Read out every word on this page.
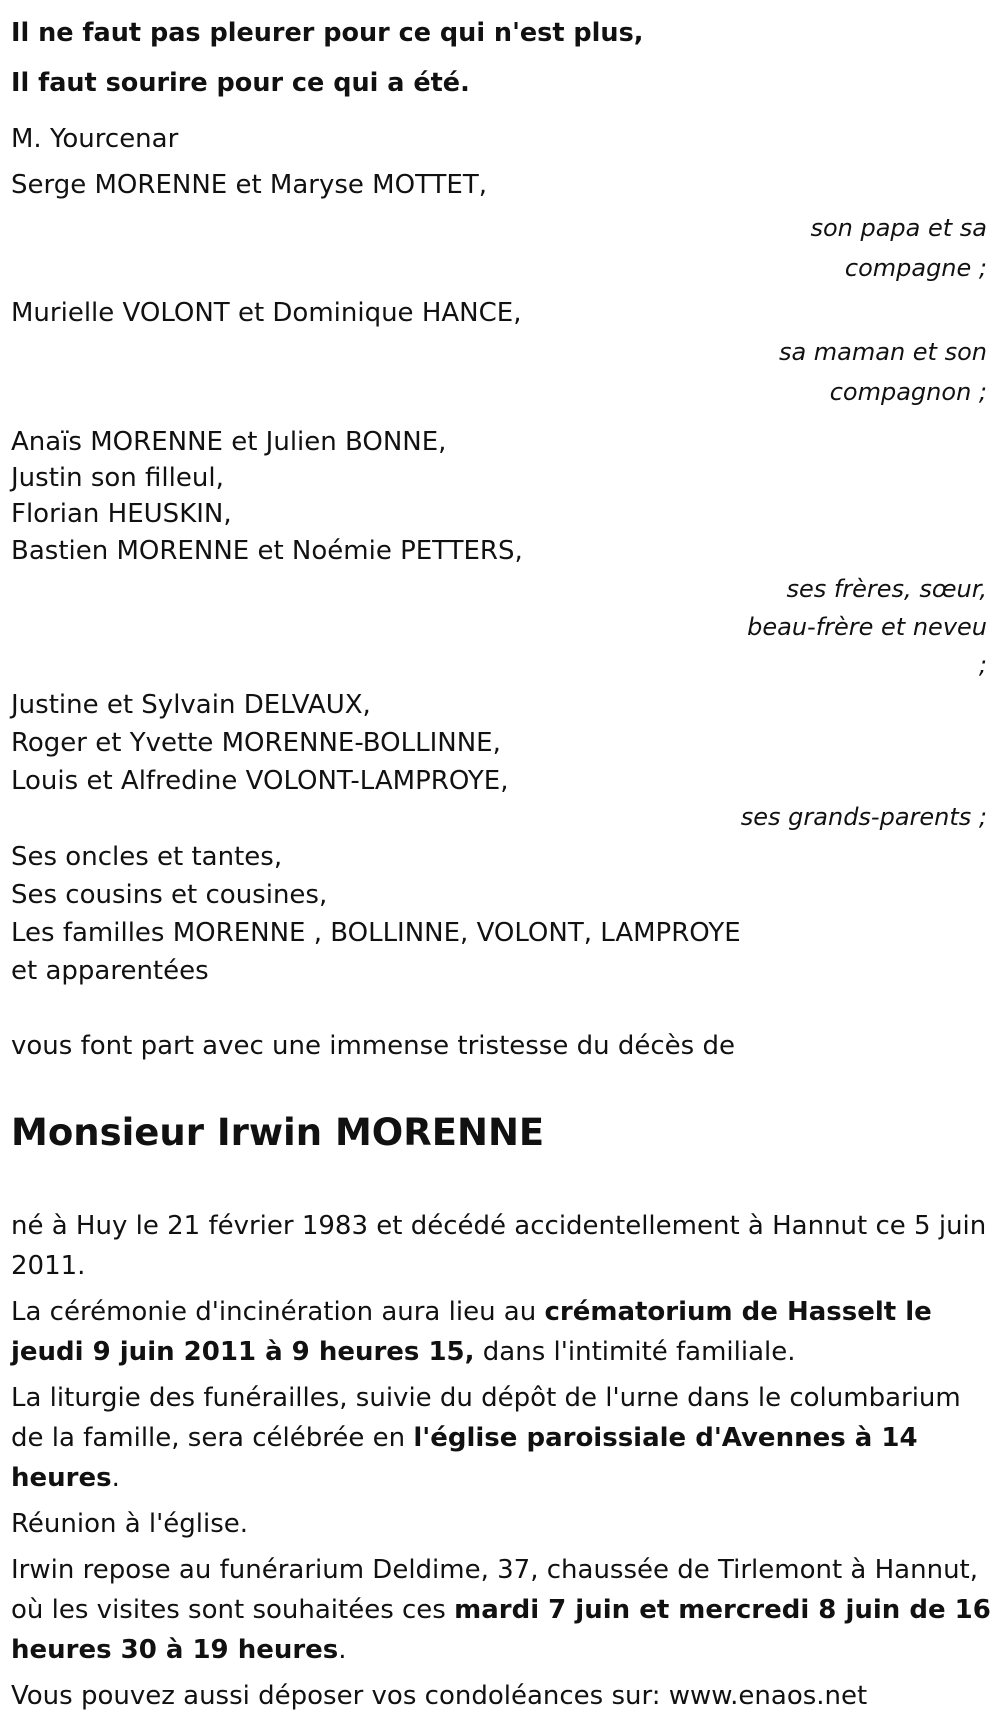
Il ne faut pas pleurer pour ce qui n'est plus,
Il faut sourire pour ce qui a été.
M. Yourcenar
Serge MORENNE et Maryse MOTTET,
son papa et sa
compagne ;
Murielle VOLONT et Dominique HANCE,
sa maman et son
compagnon ;
Anaïs MORENNE et Julien BONNE,
Justin son filleul,
Florian HEUSKIN,
Bastien MORENNE et Noémie PETTERS,
ses frères, sœur,
beau-frère et neveu
;
Justine et Sylvain DELVAUX,
Roger et Yvette MORENNE-BOLLINNE,
Louis et Alfredine VOLONT-LAMPROYE,
ses grands-parents ;
Ses oncles et tantes,
Ses cousins et cousines,
Les familles MORENNE , BOLLINNE, VOLONT, LAMPROYE
et apparentées
vous font part avec une immense tristesse du décès de
Monsieur Irwin MORENNE
né à Huy le 21 février 1983 et décédé accidentellement à Hannut ce 5 juin 2011.
La cérémonie d'incinération aura lieu au crématorium de Hasselt le jeudi 9 juin 2011 à 9 heures 15, dans l'intimité familiale.
La liturgie des funérailles, suivie du dépôt de l'urne dans le columbarium de la famille, sera célébrée en l'église paroissiale d'Avennes à 14 heures.
Réunion à l'église.
Irwin repose au funérarium Deldime, 37, chaussée de Tirlemont à Hannut, où les visites sont souhaitées ces mardi 7 juin et mercredi 8 juin de 16 heures 30 à 19 heures.
Vous pouvez aussi déposer vos condoléances sur: www.enaos.net
